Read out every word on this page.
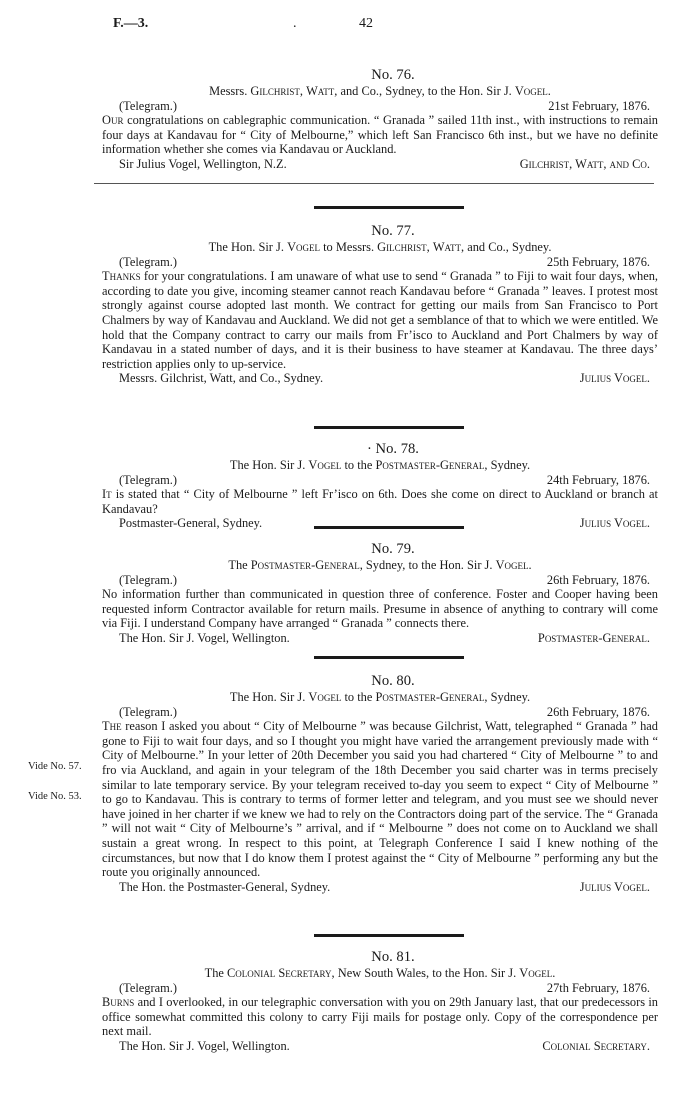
F.—3.	.	42
No. 76.
Messrs. Gilchrist, Watt, and Co., Sydney, to the Hon. Sir J. Vogel.
(Telegram.)	21st February, 1876.
Our congratulations on cablegraphic communication. “ Granada ” sailed 11th inst., with instructions to remain four days at Kandavau for “ City of Melbourne,” which left San Francisco 6th inst., but we have no definite information whether she comes via Kandavau or Auckland.
Sir Julius Vogel, Wellington, N.Z.	Gilchrist, Watt, and Co.
No. 77.
The Hon. Sir J. Vogel to Messrs. Gilchrist, Watt, and Co., Sydney.
(Telegram.)	25th February, 1876.
Thanks for your congratulations. I am unaware of what use to send “ Granada ” to Fiji to wait four days, when, according to date you give, incoming steamer cannot reach Kandavau before “ Granada ” leaves. I protest most strongly against course adopted last month. We contract for getting our mails from San Francisco to Port Chalmers by way of Kandavau and Auckland. We did not get a semblance of that to which we were entitled. We hold that the Company contract to carry our mails from Fr’isco to Auckland and Port Chalmers by way of Kandavau in a stated number of days, and it is their business to have steamer at Kandavau. The three days’ restriction applies only to up-service.
Messrs. Gilchrist, Watt, and Co., Sydney.	Julius Vogel.
· No. 78.
The Hon. Sir J. Vogel to the Postmaster-General, Sydney.
(Telegram.)	24th February, 1876.
It is stated that “ City of Melbourne ” left Fr’isco on 6th. Does she come on direct to Auckland or branch at Kandavau?
Postmaster-General, Sydney.	Julius Vogel.
No. 79.
The Postmaster-General, Sydney, to the Hon. Sir J. Vogel.
(Telegram.)	26th February, 1876.
No information further than communicated in question three of conference. Foster and Cooper having been requested inform Contractor available for return mails. Presume in absence of anything to contrary will come via Fiji. I understand Company have arranged “ Granada ” connects there.
The Hon. Sir J. Vogel, Wellington.	Postmaster-General.
No. 80.
The Hon. Sir J. Vogel to the Postmaster-General, Sydney.
(Telegram.)	26th February, 1876.
The reason I asked you about “ City of Melbourne ” was because Gilchrist, Watt, telegraphed “ Granada ” had gone to Fiji to wait four days, and so I thought you might have varied the arrangement previously made with “ City of Melbourne.” In your letter of 20th December you said you had chartered “ City of Melbourne ” to and fro via Auckland, and again in your telegram of the 18th December you said charter was in terms precisely similar to late temporary service. By your telegram received to-day you seem to expect “ City of Melbourne ” to go to Kandavau. This is contrary to terms of former letter and telegram, and you must see we should never have joined in her charter if we knew we had to rely on the Contractors doing part of the service. The “ Granada ” will not wait “ City of Melbourne’s ” arrival, and if “ Melbourne ” does not come on to Auckland we shall sustain a great wrong. In respect to this point, at Telegraph Conference I said I knew nothing of the circumstances, but now that I do know them I protest against the “ City of Melbourne ” performing any but the route you originally announced.
The Hon. the Postmaster-General, Sydney.	Julius Vogel.
Vide No. 57.
Vide No. 53.
No. 81.
The Colonial Secretary, New South Wales, to the Hon. Sir J. Vogel.
(Telegram.)	27th February, 1876.
Burns and I overlooked, in our telegraphic conversation with you on 29th January last, that our predecessors in office somewhat committed this colony to carry Fiji mails for postage only. Copy of the correspondence per next mail.
The Hon. Sir J. Vogel, Wellington.	Colonial Secretary.
